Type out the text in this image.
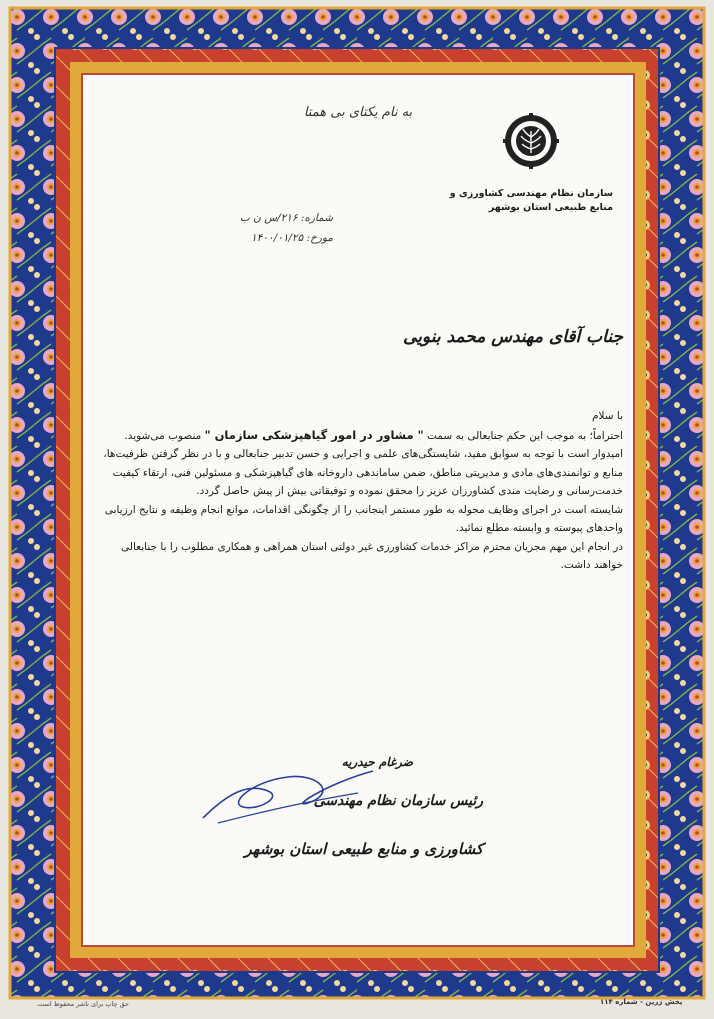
به نام یکتای بی همتا
سازمان نظام مهندسی کشاورزی و
منابع طبیعی استان بوشهر
شماره: ۲۱۶/س ن ب
مورخ: ۱۴۰۰/۰۱/۲۵
جناب آقای مهندس محمد بنویی

با سلام

احتراماً؛ به موجب این حکم جنابعالی به سمت " مشاور در امور گیاهپزشکی سازمان " منصوب می‌شوید.

امیدوار است با توجه به سوابق مفید، شایستگی‌های علمی و اجرایی و حسن تدبیر جنابعالی و با در نظر گرفتن ظرفیت‌ها، منابع و توانمندی‌های مادی و مدیریتی مناطق، ضمن ساماندهی داروخانه های گیاهپزشکی و مسئولین فنی، ارتقاء کیفیت خدمت‌رسانی و رضایت مندی کشاورزان عزیز را محقق نموده و توفیقاتی بیش از پیش حاصل گردد.

شایسته است در اجرای وظایف محوله به طور مستمر اینجانب را از چگونگی اقدامات، موانع انجام وظیفه و نتایج ارزیابی واحدهای پیوسته و وابسته مطلع نمائید.

در انجام این مهم مجریان محترم مراکز خدمات کشاورزی غیر دولتی استان همراهی و همکاری مطلوب را با جنابعالی خواهند داشت.

ضرغام حیدریه
رئیس سازمان نظام مهندسی
کشاورزی و منابع طبیعی استان بوشهر
حق چاپ برای ناشر محفوظ است.	پخش زرین - شماره ۱۱۴
